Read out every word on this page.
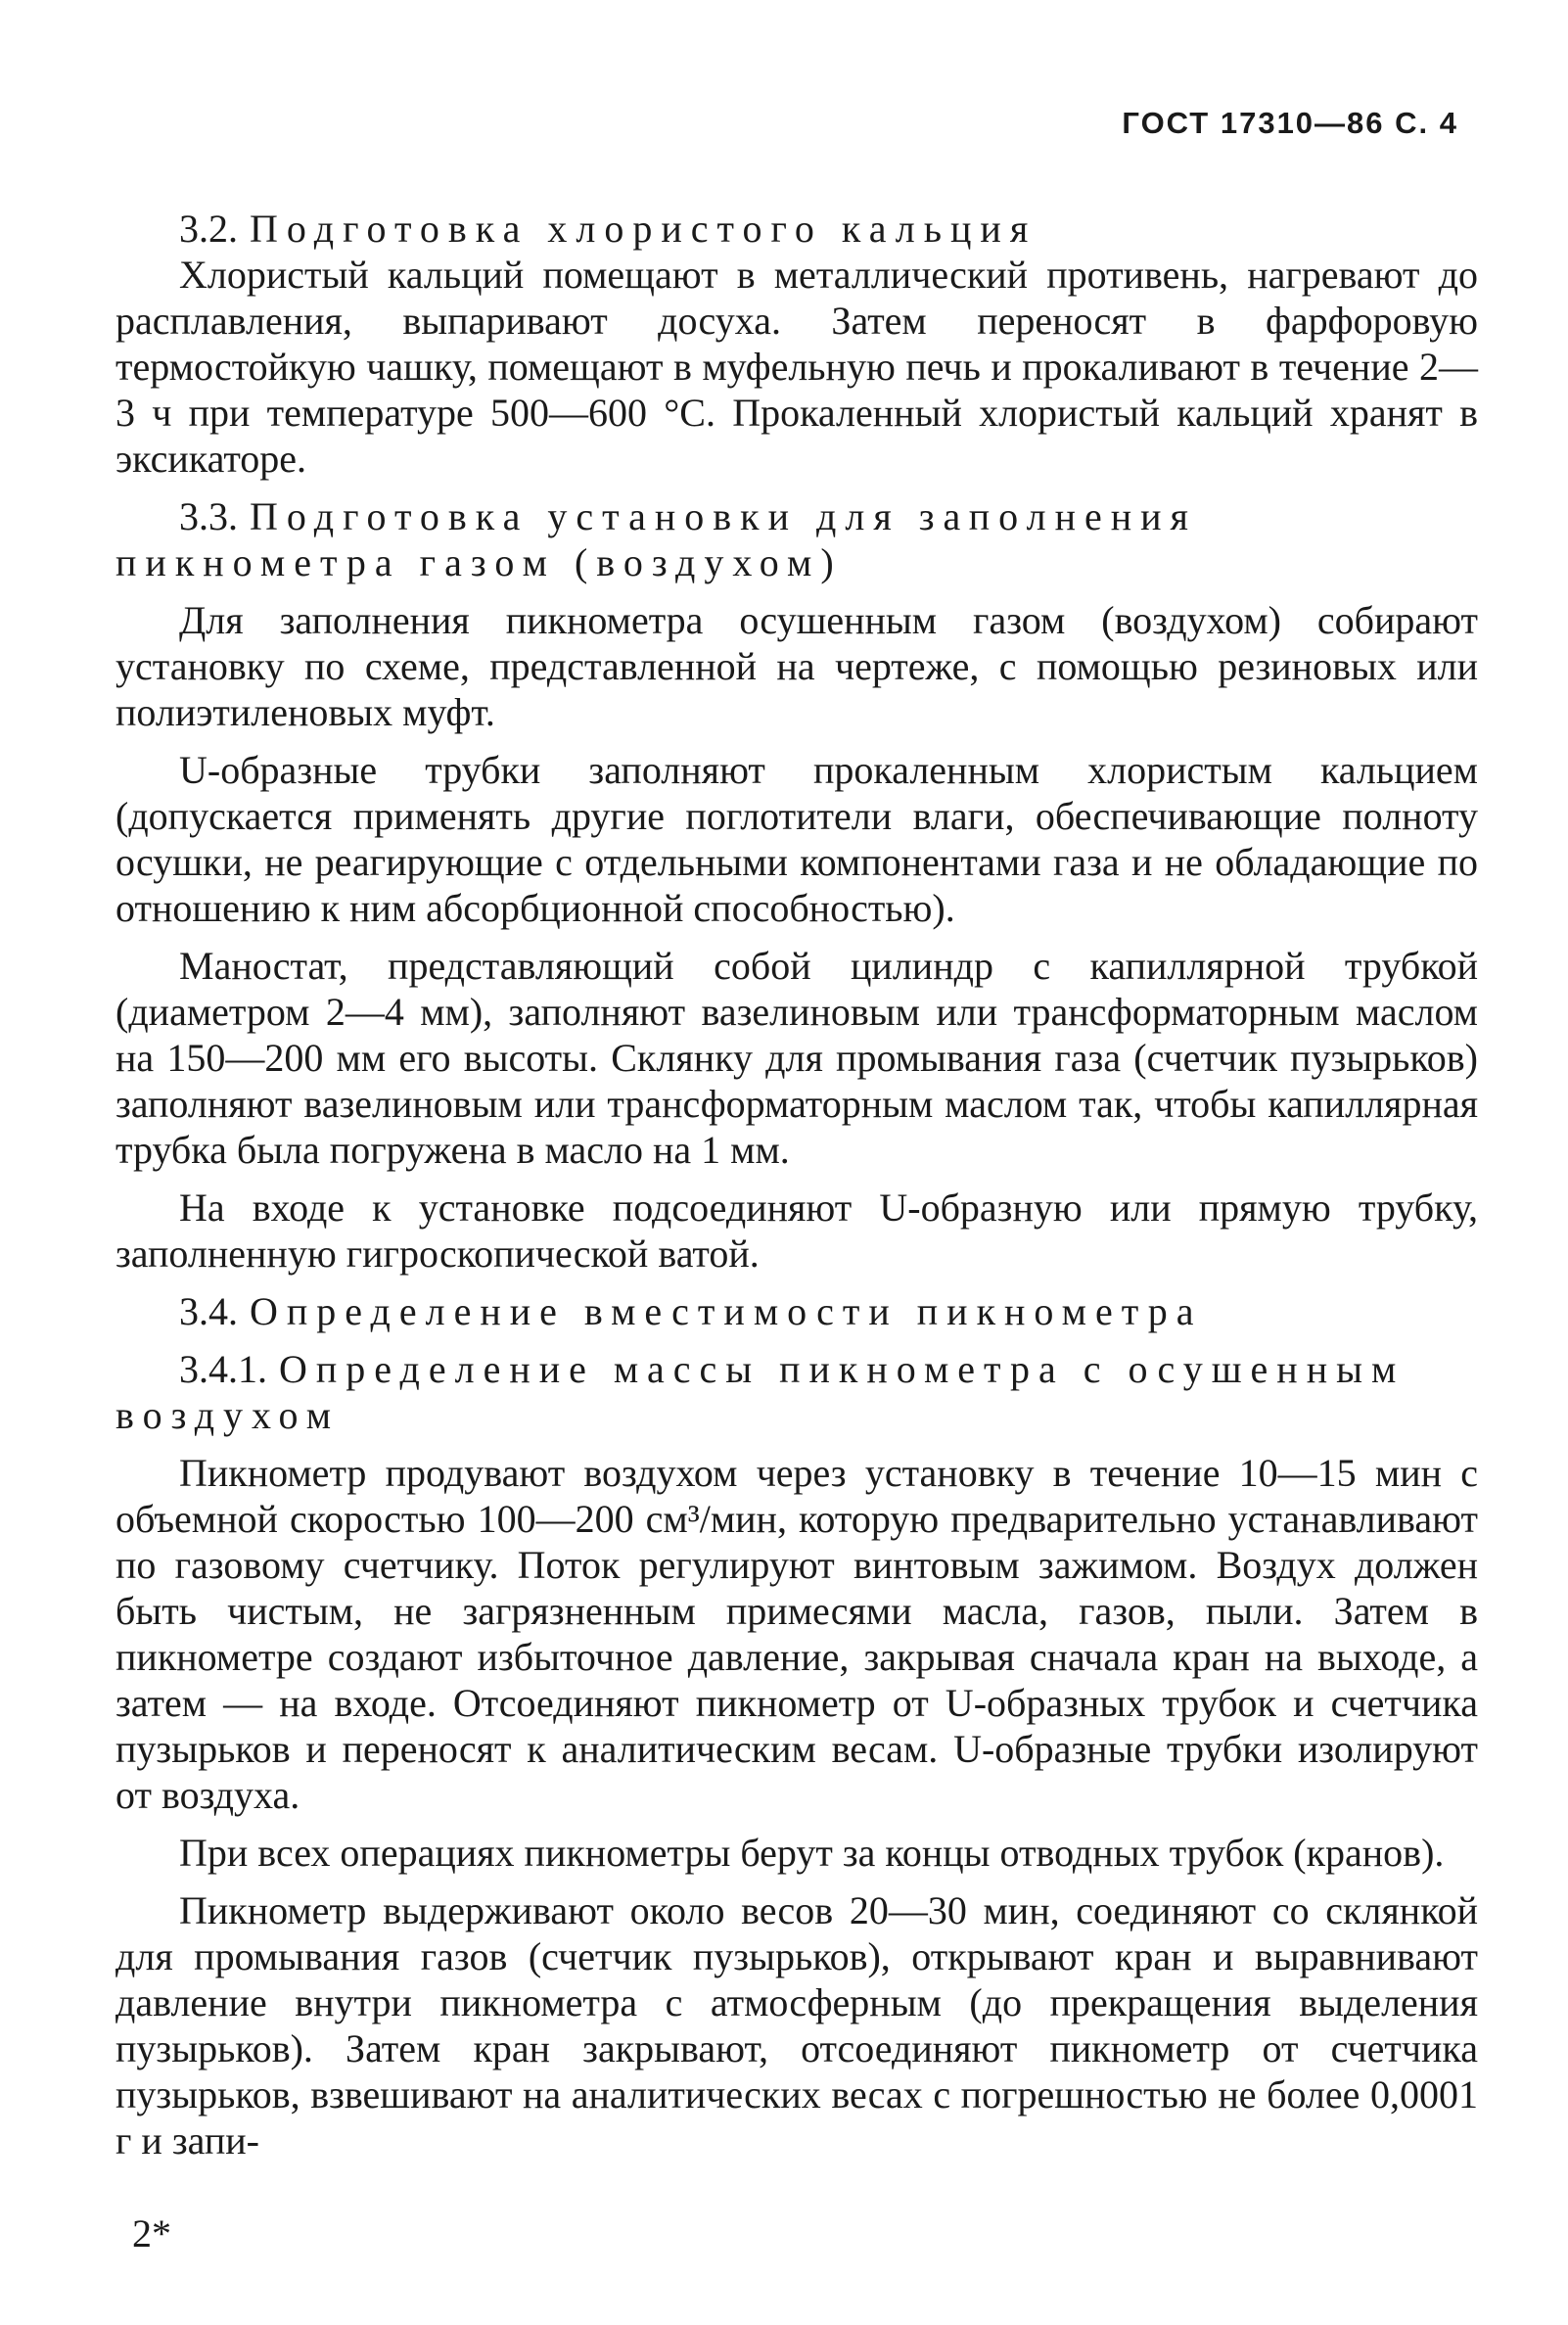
ГОСТ 17310—86 С. 4
3.2. Подготовка хлористого кальция

Хлористый кальций помещают в металлический противень, нагревают до расплавления, выпаривают досуха. Затем переносят в фарфоровую термостойкую чашку, помещают в муфельную печь и прокаливают в течение 2—3 ч при температуре 500—600 °С. Прокаленный хлористый кальций хранят в эксикаторе.

3.3. Подготовка установки для заполнения пикнометра газом (воздухом)

Для заполнения пикнометра осушенным газом (воздухом) собирают установку по схеме, представленной на чертеже, с помощью резиновых или полиэтиленовых муфт.

U-образные трубки заполняют прокаленным хлористым кальцием (допускается применять другие поглотители влаги, обеспечивающие полноту осушки, не реагирующие с отдельными компонентами газа и не обладающие по отношению к ним абсорбционной способностью).

Маностат, представляющий собой цилиндр с капиллярной трубкой (диаметром 2—4 мм), заполняют вазелиновым или трансформаторным маслом на 150—200 мм его высоты. Склянку для промывания газа (счетчик пузырьков) заполняют вазелиновым или трансформаторным маслом так, чтобы капиллярная трубка была погружена в масло на 1 мм.

На входе к установке подсоединяют U-образную или прямую трубку, заполненную гигроскопической ватой.

3.4. Определение вместимости пикнометра
3.4.1. Определение массы пикнометра с осушенным воздухом

Пикнометр продувают воздухом через установку в течение 10—15 мин с объемной скоростью 100—200 см³/мин, которую предварительно устанавливают по газовому счетчику. Поток регулируют винтовым зажимом. Воздух должен быть чистым, не загрязненным примесями масла, газов, пыли. Затем в пикнометре создают избыточное давление, закрывая сначала кран на выходе, а затем — на входе. Отсоединяют пикнометр от U-образных трубок и счетчика пузырьков и переносят к аналитическим весам. U-образные трубки изолируют от воздуха.

При всех операциях пикнометры берут за концы отводных трубок (кранов).

Пикнометр выдерживают около весов 20—30 мин, соединяют со склянкой для промывания газов (счетчик пузырьков), открывают кран и выравнивают давление внутри пикнометра с атмосферным (до прекращения выделения пузырьков). Затем кран закрывают, отсоединяют пикнометр от счетчика пузырьков, взвешивают на аналитических весах с погрешностью не более 0,0001 г и запи-

2*
